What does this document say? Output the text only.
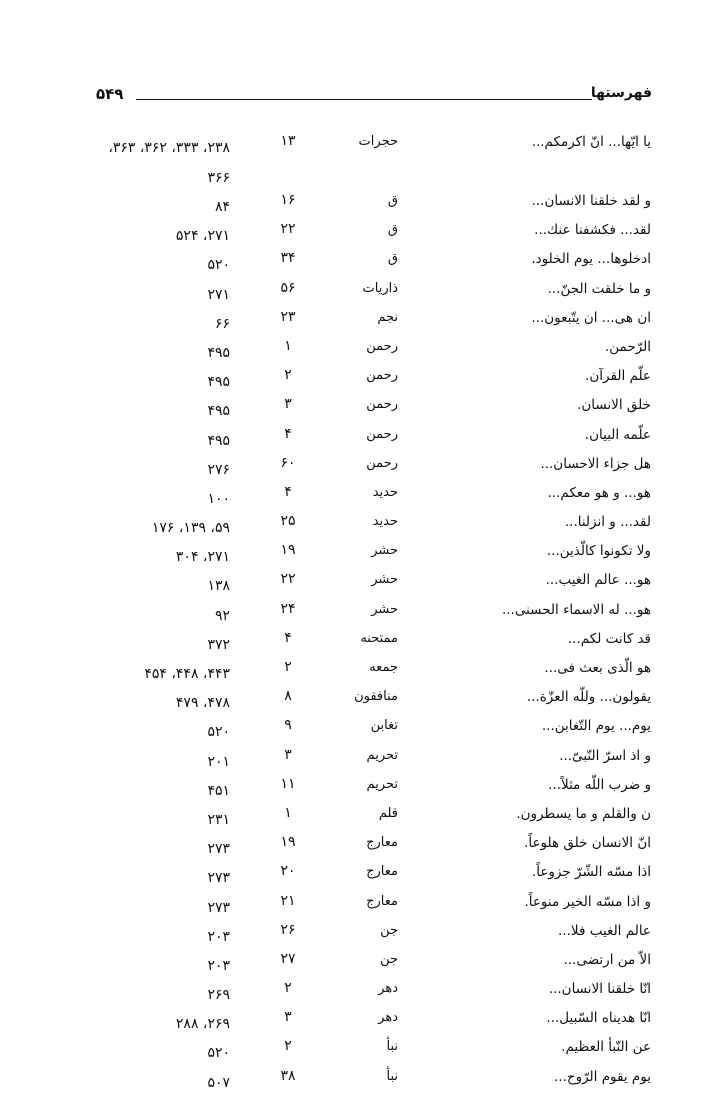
۵۴۹	فهرستها
يا ايّها... انّ اكرمكم...
حجرات
۱۳
۲۳۸، ۳۳۳، ۳۶۲، ۳۶۳،
۳۶۶
و لقد خلقنا الانسان...
ق
۱۶
۸۴
لقد... فكشفنا عنك...
ق
۲۲
۲۷۱، ۵۲۴
ادخلوها... يوم الخلود.
ق
۳۴
۵۲۰
و ما خلقت الجنّ...
ذاريات
۵۶
۲۷۱
ان هی... ان يتّبعون...
نجم
۲۳
۶۶
الرّحمن.
رحمن
۱
۴۹۵
علّم القرآن.
رحمن
۲
۴۹۵
خلق الانسان.
رحمن
۳
۴۹۵
علّمه البيان.
رحمن
۴
۴۹۵
هل جزاء الاحسان...
رحمن
۶۰
۲۷۶
هو... و هو معكم...
حديد
۴
۱۰۰
لقد... و انزلنا...
حديد
۲۵
۵۹، ۱۳۹، ۱۷۶
ولا تكونوا كالّذين...
حشر
۱۹
۲۷۱، ۳۰۴
هو... عالم الغيب...
حشر
۲۲
۱۳۸
هو... له الاسماء الحسنى...
حشر
۲۴
۹۲
قد كانت لكم...
ممتحنه
۴
۳۷۲
هو الّذى بعث فى...
جمعه
۲
۴۴۳، ۴۴۸، ۴۵۴
يقولون... وللّه العزّة...
منافقون
۸
۴۷۸، ۴۷۹
يوم... يوم التّغابن...
تغابن
۹
۵۲۰
و اذ اسرّ النّبیّ...
تحريم
۳
۲۰۱
و ضرب اللّه مثلاً...
تحريم
۱۱
۴۵۱
ن والقلم و ما يسطرون.
قلم
۱
۲۳۱
انّ الانسان خلق هلوعاً.
معارج
۱۹
۲۷۳
اذا مسّه الشّرّ جزوعاً.
معارج
۲۰
۲۷۳
و اذا مسّه الخير منوعاً.
معارج
۲۱
۲۷۳
عالم الغيب فلا...
جن
۲۶
۲۰۳
الاّ من ارتضى...
جن
۲۷
۲۰۳
انّا خلقنا الانسان...
دهر
۲
۲۶۹
انّا هديناه السّبيل...
دهر
۳
۲۶۹، ۲۸۸
عن النّبأ العظيم.
نبأ
۲
۵۲۰
يوم يقوم الرّوح...
نبأ
۳۸
۵۰۷
